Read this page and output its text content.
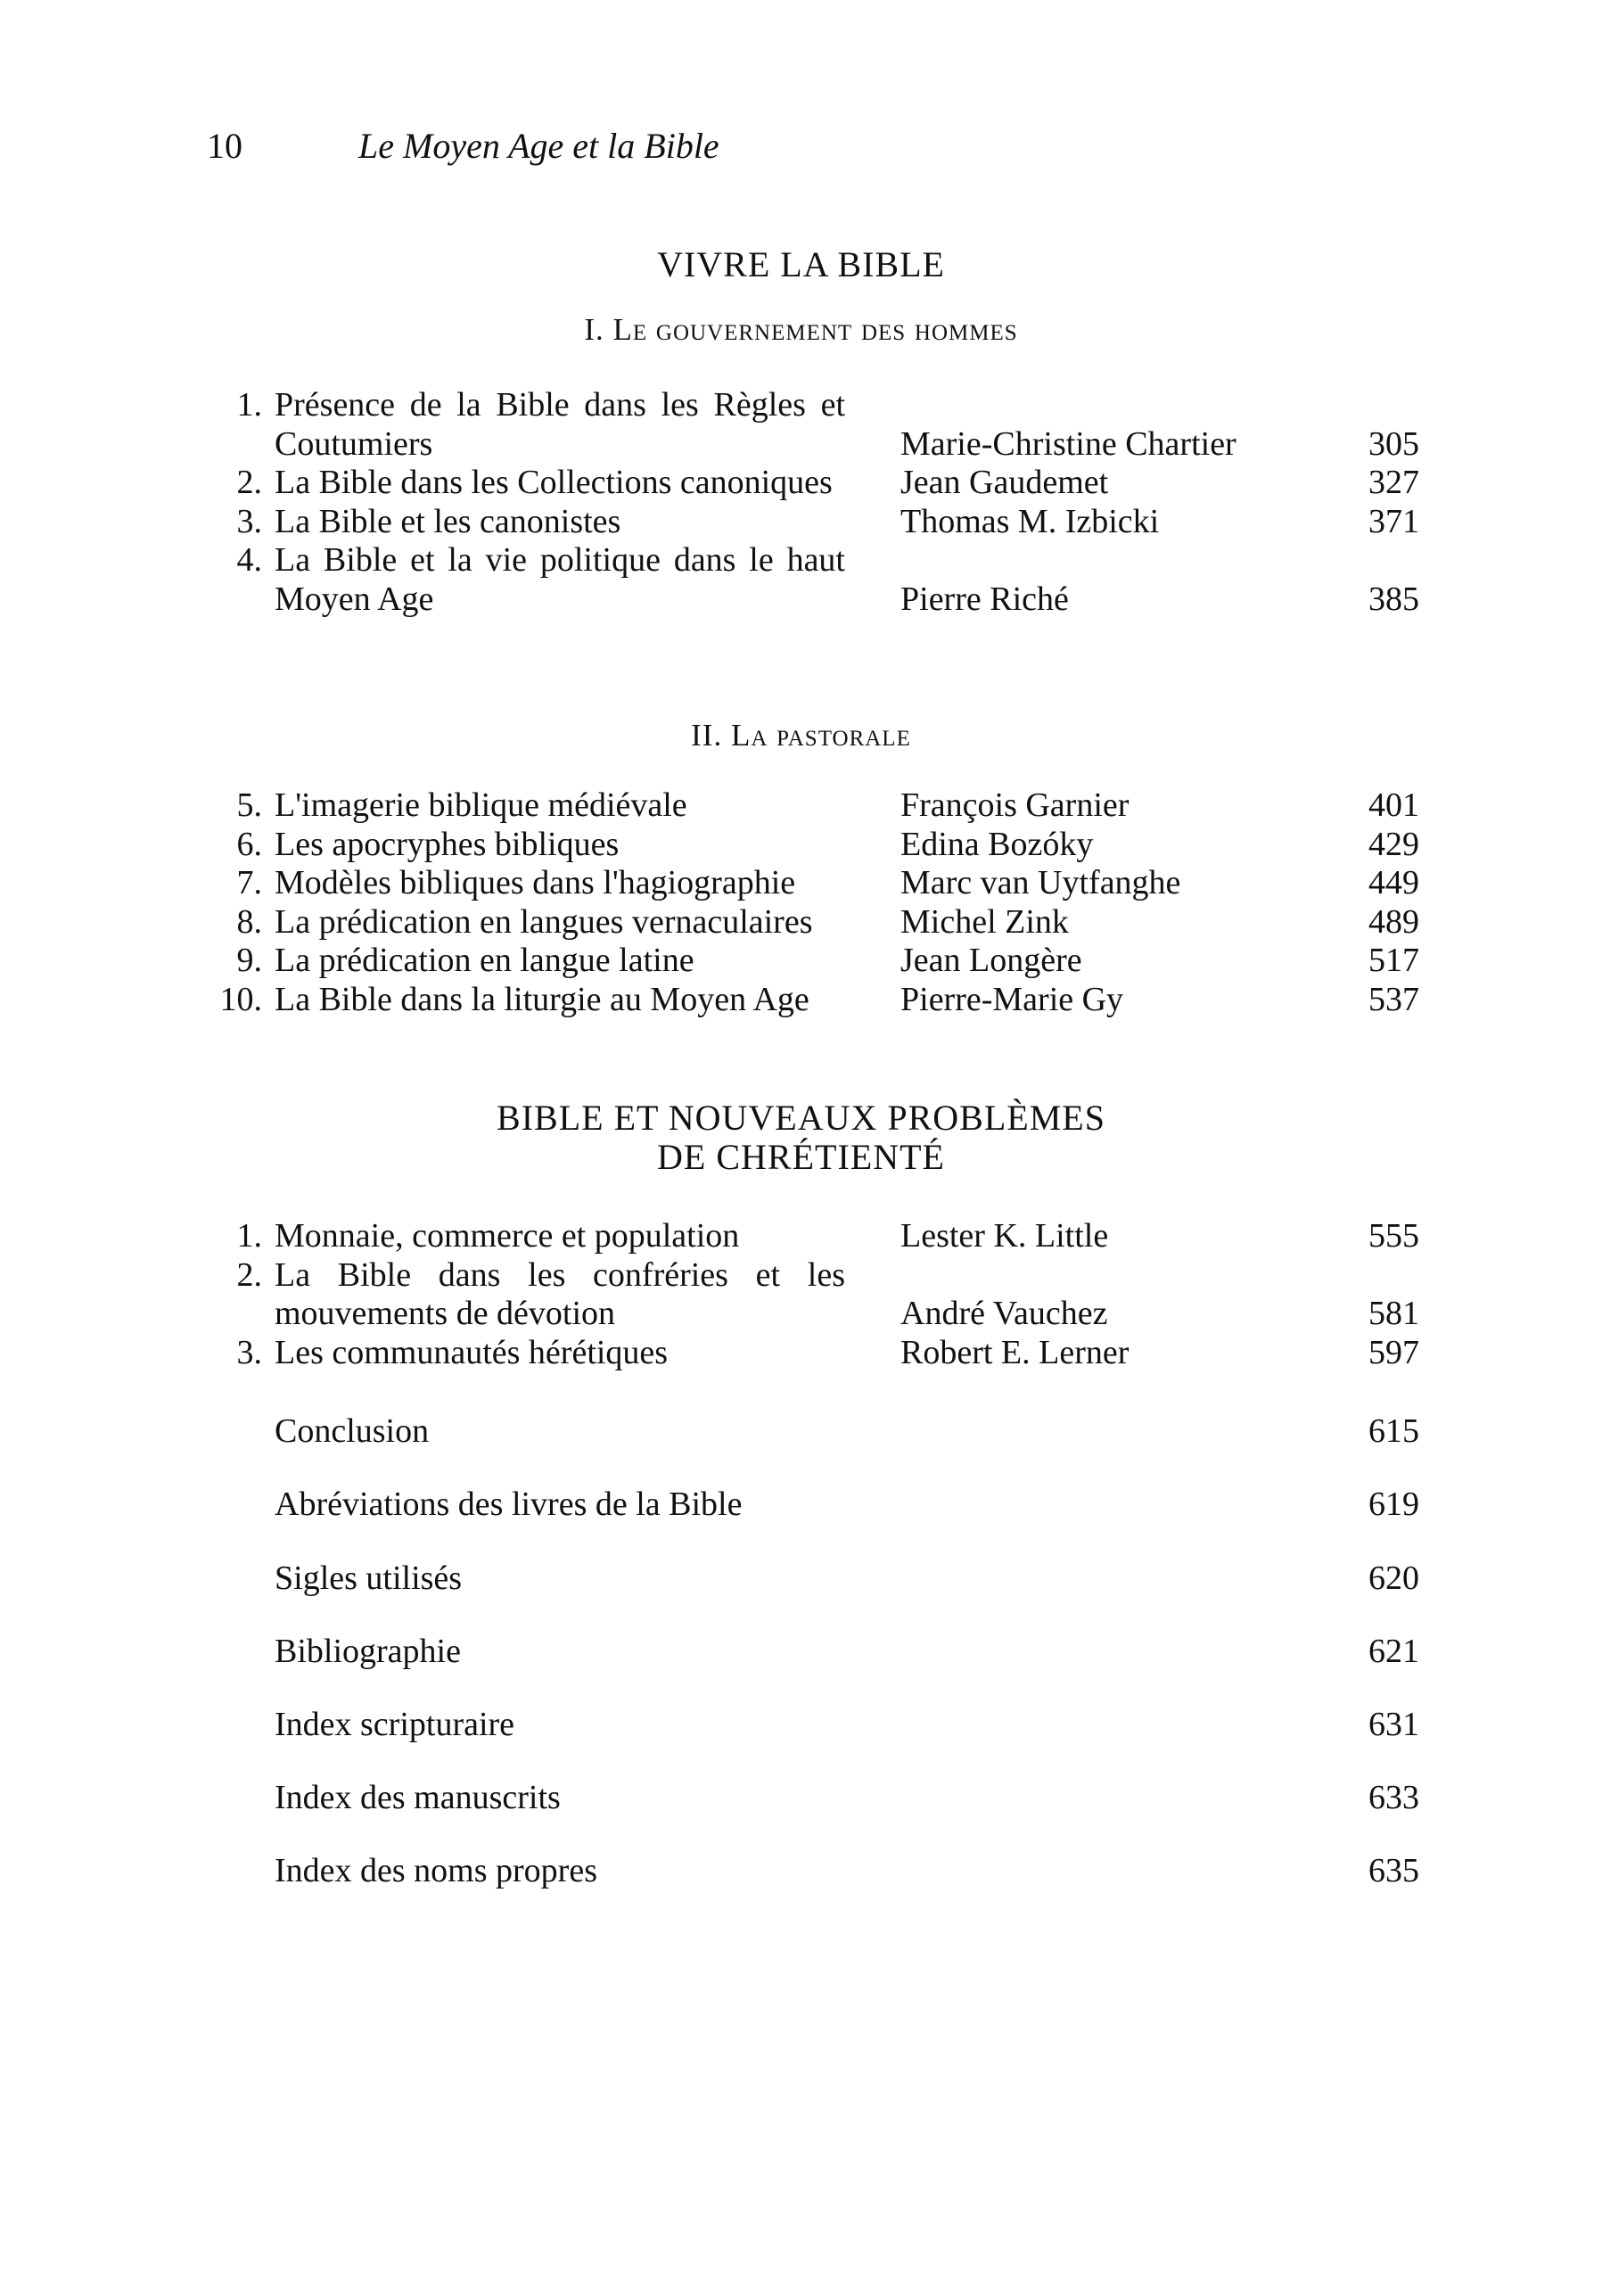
10	Le Moyen Age et la Bible
VIVRE LA BIBLE
I. Le gouvernement des hommes
1. Présence de la Bible dans les Règles et Coutumiers	Marie-Christine Chartier	305
2. La Bible dans les Collections canoniques	Jean Gaudemet	327
3. La Bible et les canonistes	Thomas M. Izbicki	371
4. La Bible et la vie politique dans le haut Moyen Age	Pierre Riché	385
II. La pastorale
5. L'imagerie biblique médiévale	François Garnier	401
6. Les apocryphes bibliques	Edina Bozóky	429
7. Modèles bibliques dans l'hagiographie	Marc van Uytfanghe	449
8. La prédication en langues vernaculaires	Michel Zink	489
9. La prédication en langue latine	Jean Longère	517
10. La Bible dans la liturgie au Moyen Age	Pierre-Marie Gy	537
BIBLE ET NOUVEAUX PROBLÈMES
DE CHRÉTIENTÉ
1. Monnaie, commerce et population	Lester K. Little	555
2. La Bible dans les confréries et les mouvements de dévotion	André Vauchez	581
3. Les communautés hérétiques	Robert E. Lerner	597
Conclusion	615
Abréviations des livres de la Bible	619
Sigles utilisés	620
Bibliographie	621
Index scripturaire	631
Index des manuscrits	633
Index des noms propres	635
